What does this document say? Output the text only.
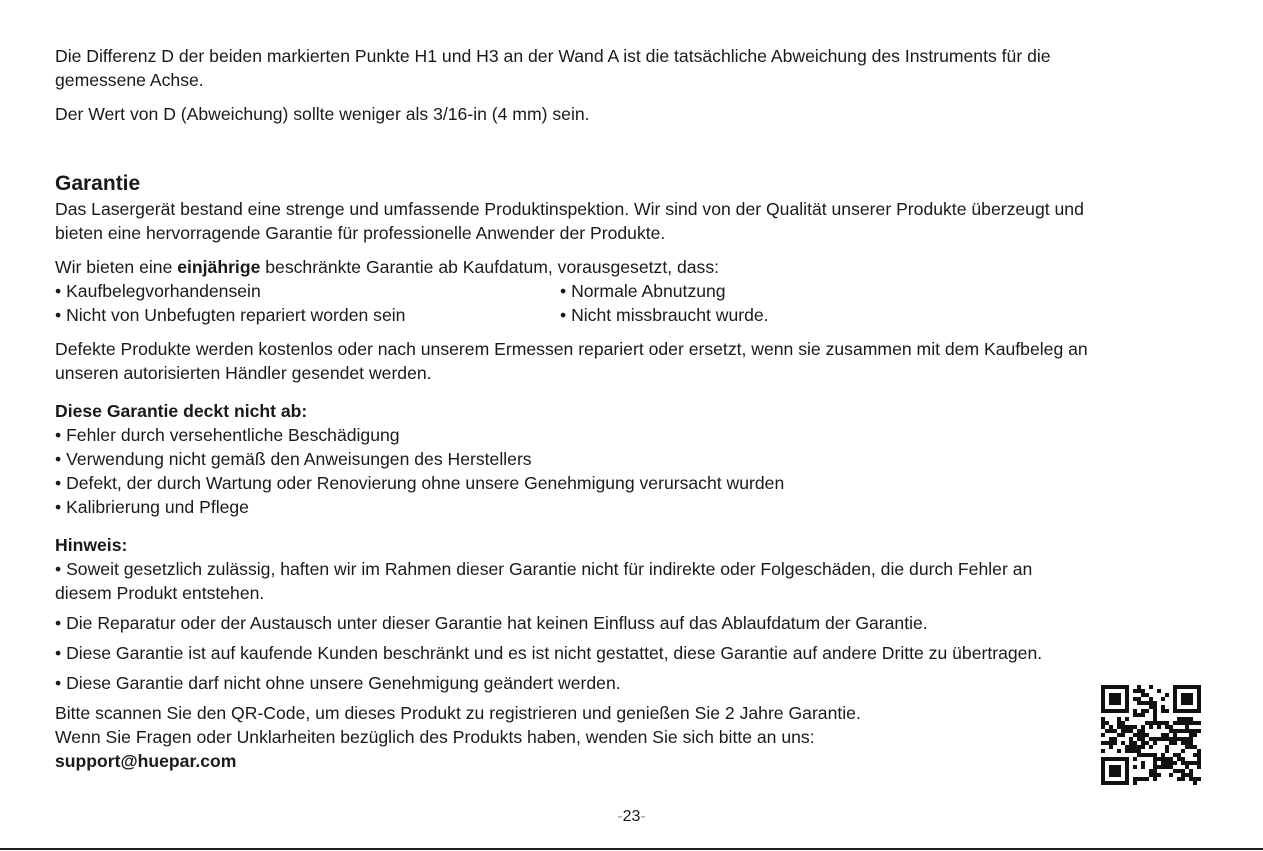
Die Differenz D der beiden markierten Punkte H1 und H3 an der Wand A ist die tatsächliche Abweichung des Instruments für die
gemessene Achse.
Der Wert von D (Abweichung) sollte weniger als 3/16-in (4 mm) sein.
Garantie
Das Lasergerät bestand eine strenge und umfassende Produktinspektion. Wir sind von der Qualität unserer Produkte überzeugt und
bieten eine hervorragende Garantie für professionelle Anwender der Produkte.
Wir bieten eine einjährige beschränkte Garantie ab Kaufdatum, vorausgesetzt, dass:
• Kaufbelegvorhandensein
• Nicht von Unbefugten repariert worden sein
• Normale Abnutzung
• Nicht missbraucht wurde.
Defekte Produkte werden kostenlos oder nach unserem Ermessen repariert oder ersetzt, wenn sie zusammen mit dem Kaufbeleg an
unseren autorisierten Händler gesendet werden.
Diese Garantie deckt nicht ab:
• Fehler durch versehentliche Beschädigung
• Verwendung nicht gemäß den Anweisungen des Herstellers
• Defekt, der durch Wartung oder Renovierung ohne unsere Genehmigung verursacht wurden
• Kalibrierung und Pflege
Hinweis:
• Soweit gesetzlich zulässig, haften wir im Rahmen dieser Garantie nicht für indirekte oder Folgeschäden, die durch Fehler an
diesem Produkt entstehen.
• Die Reparatur oder der Austausch unter dieser Garantie hat keinen Einfluss auf das Ablaufdatum der Garantie.
• Diese Garantie ist auf kaufende Kunden beschränkt und es ist nicht gestattet, diese Garantie auf andere Dritte zu übertragen.
• Diese Garantie darf nicht ohne unsere Genehmigung geändert werden.
Bitte scannen Sie den QR-Code, um dieses Produkt zu registrieren und genießen Sie 2 Jahre Garantie.
Wenn Sie Fragen oder Unklarheiten bezüglich des Produkts haben, wenden Sie sich bitte an uns:
support@huepar.com
-23-
